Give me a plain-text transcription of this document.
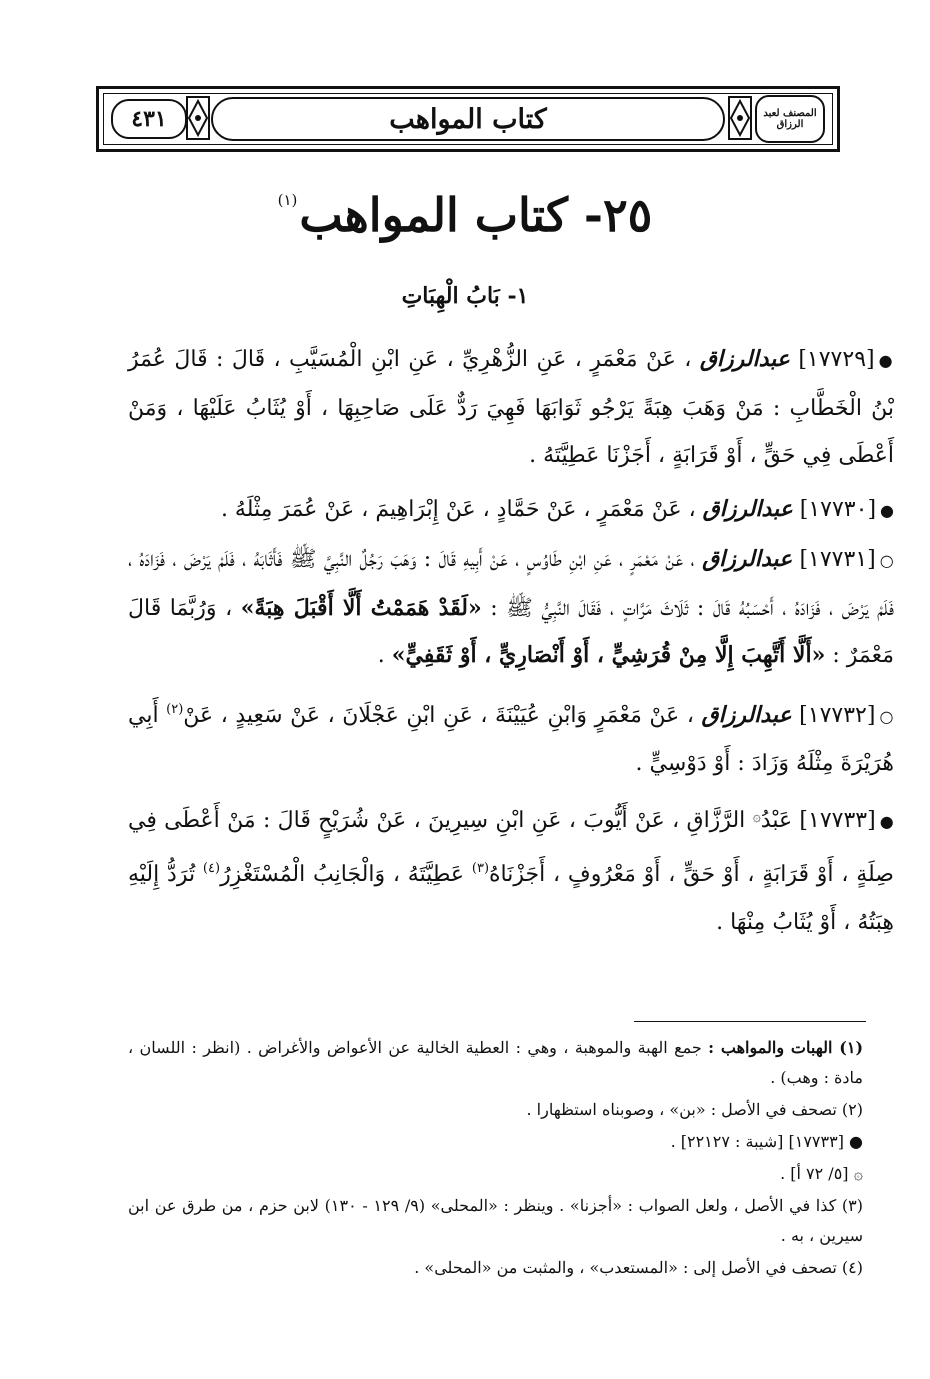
المصنف لعبد الرزاق
كتاب المواهب
٤٣١
٢٥- كتاب المواهب$^{(١)}$
١- بَابُ الْهِبَاتِ

●[١٧٧٢٩] عبدالرزاق ، عَنْ مَعْمَرٍ ، عَنِ الزُّهْرِيِّ ، عَنِ ابْنِ الْمُسَيَّبِ ، قَالَ : قَالَ عُمَرُ بْنُ الْخَطَّابِ : مَنْ وَهَبَ هِبَةً يَرْجُو ثَوَابَهَا فَهِيَ رَدٌّ عَلَى صَاحِبِهَا ، أَوْ يُثَابُ عَلَيْهَا ، وَمَنْ أَعْطَى فِي حَقٍّ ، أَوْ قَرَابَةٍ ، أَجَزْنَا عَطِيَّتَهُ .

●[١٧٧٣٠] عبدالرزاق ، عَنْ مَعْمَرٍ ، عَنْ حَمَّادٍ ، عَنْ إِبْرَاهِيمَ ، عَنْ عُمَرَ مِثْلَهُ .

○[١٧٧٣١] عبدالرزاق ، عَنْ مَعْمَرٍ ، عَنِ ابْنِ طَاوُسٍ ، عَنْ أَبِيهِ قَالَ : وَهَبَ رَجُلٌ النَّبِيَّ ﷺ فَأَثَابَهُ ، فَلَمْ يَرْضَ ، فَزَادَهُ ، فَلَمْ يَرْضَ ، فَزَادَهُ ، أَحْسَبُهُ قَالَ : ثَلَاثَ مَرَّاتٍ ، فَقَالَ النَّبِيُّ ﷺ : «لَقَدْ هَمَمْتُ أَلَّا أَقْبَلَ هِبَةً» ، وَرُبَّمَا قَالَ مَعْمَرٌ : «أَلَّا أَتَّهِبَ إِلَّا مِنْ قُرَشِيٍّ ، أَوْ أَنْصَارِيٍّ ، أَوْ ثَقَفِيٍّ» .

○[١٧٧٣٢] عبدالرزاق ، عَنْ مَعْمَرٍ وَابْنِ عُيَيْنَةَ ، عَنِ ابْنِ عَجْلَانَ ، عَنْ سَعِيدٍ ، عَنْ$^{(٢)}$ أَبِي هُرَيْرَةَ مِثْلَهُ وَزَادَ : أَوْ دَوْسِيٍّ .

●[١٧٧٣٣] عَبْدُ۞ الرَّزَّاقِ ، عَنْ أَيُّوبَ ، عَنِ ابْنِ سِيرِينَ ، عَنْ شُرَيْحٍ قَالَ : مَنْ أَعْطَى فِي صِلَةٍ ، أَوْ قَرَابَةٍ ، أَوْ حَقٍّ ، أَوْ مَعْرُوفٍ ، أَجَزْنَاهُ$^{(٣)}$ عَطِيَّتَهُ ، وَالْجَانِبُ الْمُسْتَغْزِرُ$^{(٤)}$ تُرَدُّ إِلَيْهِ هِبَتُهُ ، أَوْ يُثَابُ مِنْهَا .

(١) الهبات والمواهب : جمع الهبة والموهبة ، وهي : العطية الخالية عن الأعواض والأغراض . (انظر : اللسان ، مادة : وهب) .

(٢) تصحف في الأصل : «بن» ، وصوبناه استظهارا .

● [١٧٧٣٣] [شيبة : ٢٢١٢٧] .

۞ [٥/ ٧٢ أ] .

(٣) كذا في الأصل ، ولعل الصواب : «أجزنا» . وينظر : «المحلى» (٩/ ١٢٩ - ١٣٠) لابن حزم ، من طرق عن ابن سيرين ، به .

(٤) تصحف في الأصل إلى : «المستعدب» ، والمثبت من «المحلى» .
